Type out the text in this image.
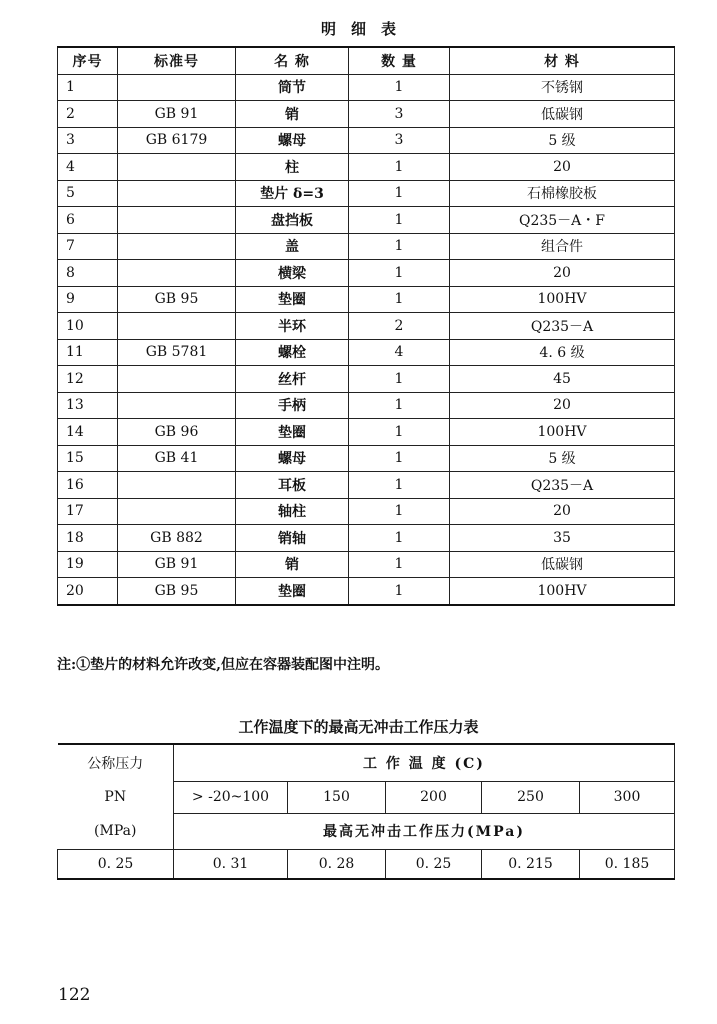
明　细　表
序号	标准号	名 称	数 量	材 料
1		筒节	1	不锈钢
2	GB 91	销	3	低碳钢
3	GB 6179	螺母	3	5 级
4		柱	1	20
5		垫片 δ=3	1	石棉橡胶板
6		盘挡板	1	Q235－A・F
7		盖	1	组合件
8		横梁	1	20
9	GB 95	垫圈	1	100HV
10		半环	2	Q235－A
11	GB 5781	螺栓	4	4. 6 级
12		丝杆	1	45
13		手柄	1	20
14	GB 96	垫圈	1	100HV
15	GB 41	螺母	1	5 级
16		耳板	1	Q235－A
17		轴柱	1	20
18	GB 882	销轴	1	35
19	GB 91	销	1	低碳钢
20	GB 95	垫圈	1	100HV
注:①垫片的材料允许改变,但应在容器装配图中注明。
工作温度下的最高无冲击工作压力表
公称压力	工 作 温 度 (C)				
PN	> -20~100	150	200	250	300
(MPa)	最高无冲击工作压力(MPa)				
0. 25	0. 31	0. 28	0. 25	0. 215	0. 185
122
